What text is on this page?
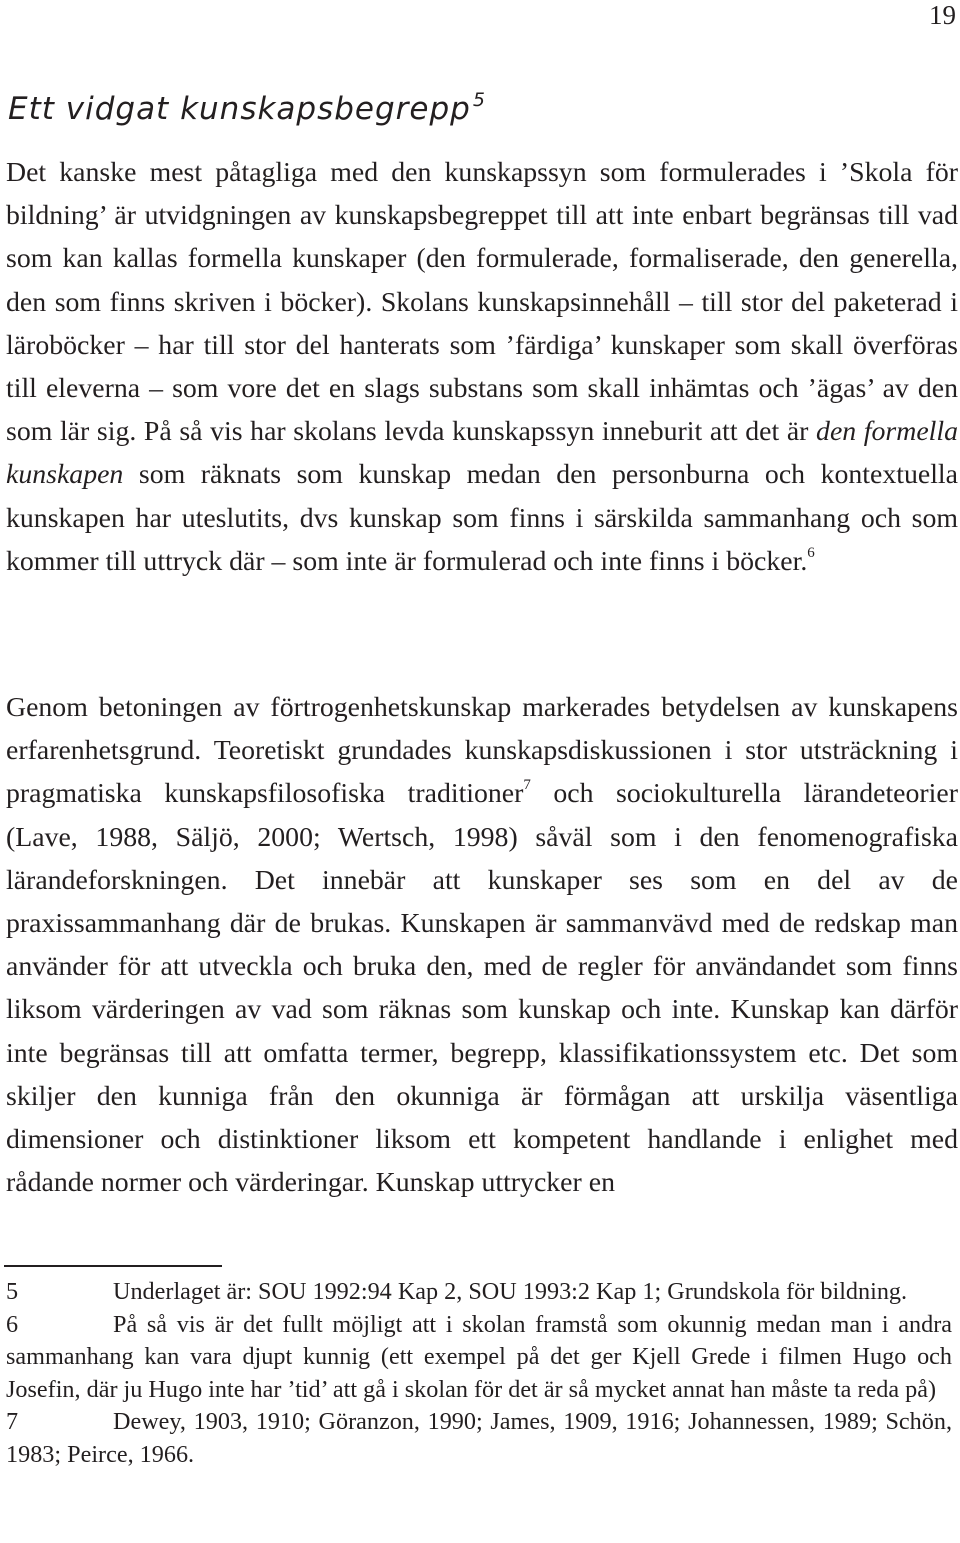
19
Ett vidgat kunskapsbegrepp $^5$

Det kanske mest påtagliga med den kunskapssyn som formulerades i ’Skola för bildning’ är utvidgningen av kunskapsbegreppet till att inte enbart begränsas till vad som kan kallas formella kunskaper (den formulerade, formaliserade, den generella, den som finns skriven i böcker). Skolans kunskapsinnehåll – till stor del paketerad i läroböcker – har till stor del hanterats som ’färdiga’ kunskaper som skall överföras till eleverna – som vore det en slags substans som skall inhämtas och ’ägas’ av den som lär sig. På så vis har skolans levda kunskapssyn inneburit att det är den formella kunskapen som räknats som kunskap medan den personburna och kontextuella kunskapen har uteslutits, dvs kunskap som finns i särskilda sammanhang och som kommer till uttryck där – som inte är formulerad och inte finns i böcker.$^6$

Genom betoningen av förtrogenhetskunskap markerades betydelsen av kunskapens erfarenhetsgrund. Teoretiskt grundades kunskapsdiskussionen i stor utsträckning i pragmatiska kunskapsfilosofiska traditioner$^7$ och sociokulturella lärandeteorier (Lave, 1988, Säljö, 2000; Wertsch, 1998) såväl som i den fenomenografiska lärandeforskningen. Det innebär att kunskaper ses som en del av de praxissammanhang där de brukas. Kunskapen är sammanvävd med de redskap man använder för att utveckla och bruka den, med de regler för användandet som finns liksom värderingen av vad som räknas som kunskap och inte. Kunskap kan därför inte begränsas till att omfatta termer, begrepp, klassifikationssystem etc. Det som skiljer den kunniga från den okunniga är förmågan att urskilja väsentliga dimensioner och distinktioner liksom ett kompetent handlande i enlighet med rådande normer och värderingar. Kunskap uttrycker en

5	Underlaget är: SOU 1992:94 Kap 2, SOU 1993:2 Kap 1; Grundskola för bildning.

6	På så vis är det fullt möjligt att i skolan framstå som okunnig medan man i andra sammanhang kan vara djupt kunnig (ett exempel på det ger Kjell Grede i filmen Hugo och Josefin, där ju Hugo inte har ’tid’ att gå i skolan för det är så mycket annat han måste ta reda på)

7	Dewey, 1903, 1910; Göranzon, 1990; James, 1909, 1916; Johannessen, 1989; Schön, 1983; Peirce, 1966.
